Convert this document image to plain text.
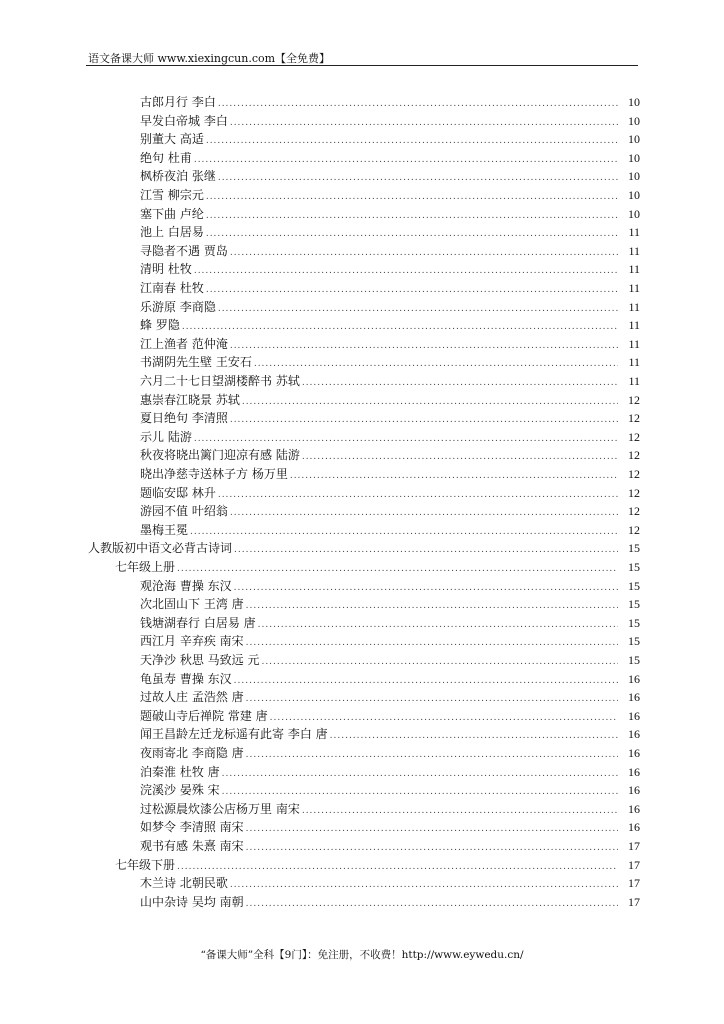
语文备课大师 www.xiexingcun.com【全免费】
古郎月行 李白 .....	10
早发白帝城 李白 .....	10
别董大 高适 .....	10
绝句 杜甫 .....	10
枫桥夜泊 张继 .....	10
江雪 柳宗元 .....	10
塞下曲 卢纶 .....	10
池上 白居易 .....	11
寻隐者不遇 贾岛 .....	11
清明 杜牧 .....	11
江南春 杜牧 .....	11
乐游原 李商隐 .....	11
蜂 罗隐 .....	11
江上渔者 范仲淹 .....	11
书湖阴先生壁 王安石 .....	11
六月二十七日望湖楼醉书 苏轼 .....	11
惠崇春江晓景 苏轼 .....	12
夏日绝句 李清照 .....	12
示儿 陆游 .....	12
秋夜将晓出篱门迎凉有感 陆游 .....	12
晓出净慈寺送林子方 杨万里 .....	12
题临安邸 林升 .....	12
游园不值 叶绍翁 .....	12
墨梅王冕 .....	12
人教版初中语文必背古诗词 .....	15
七年级上册 .....	15
观沧海 曹操 东汉 .....	15
次北固山下 王湾 唐 .....	15
钱塘湖春行 白居易 唐 .....	15
西江月 辛弃疾 南宋 .....	15
天净沙 秋思 马致远 元 .....	15
龟虽寿 曹操 东汉 .....	16
过故人庄 孟浩然 唐 .....	16
题破山寺后禅院 常建 唐 .....	16
闻王昌龄左迁龙标遥有此寄 李白 唐 .....	16
夜雨寄北 李商隐 唐 .....	16
泊秦淮 杜牧 唐 .....	16
浣溪沙 晏殊 宋 .....	16
过松源晨炊漆公店杨万里 南宋 .....	16
如梦令 李清照 南宋 .....	16
观书有感 朱熹 南宋 .....	17
七年级下册 .....	17
木兰诗 北朝民歌 .....	17
山中杂诗 吴均 南朝 .....	17
“备课大师”全科【9门】：免注册，不收费！http://www.eywedu.cn/
